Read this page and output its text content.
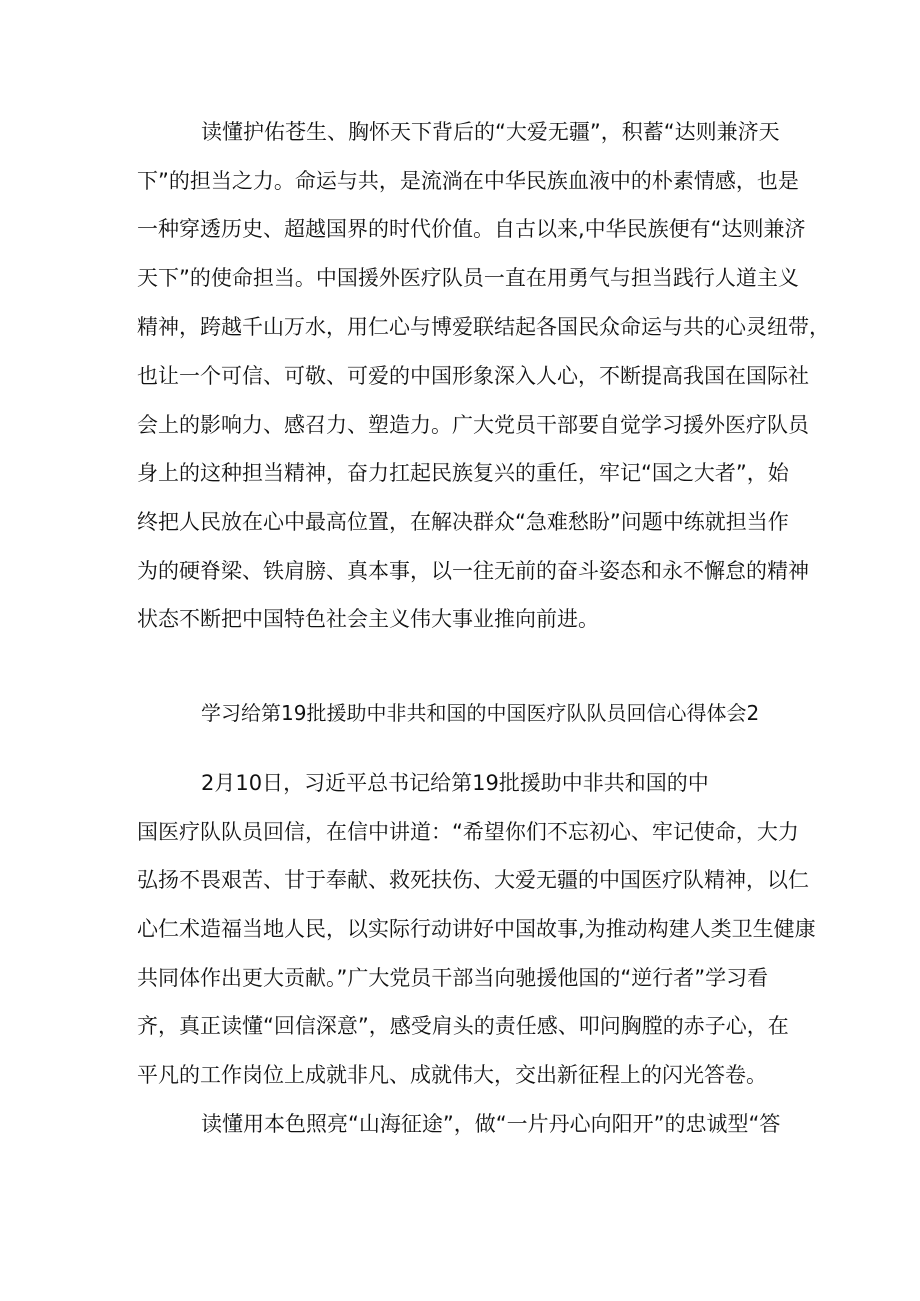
读懂护佑苍生、胸怀天下背后的“大爱无疆”，积蓄“达则兼济天
下”的担当之力。命运与共，是流淌在中华民族血液中的朴素情感，也是
一种穿透历史、超越国界的时代价值。自古以来,中华民族便有“达则兼济
天下”的使命担当。中国援外医疗队员一直在用勇气与担当践行人道主义
精神，跨越千山万水，用仁心与博爱联结起各国民众命运与共的心灵纽带，
也让一个可信、可敬、可爱的中国形象深入人心，不断提高我国在国际社
会上的影响力、感召力、塑造力。广大党员干部要自觉学习援外医疗队员
身上的这种担当精神，奋力扛起民族复兴的重任，牢记“国之大者”，始
终把人民放在心中最高位置，在解决群众“急难愁盼”问题中练就担当作
为的硬脊梁、铁肩膀、真本事，以一往无前的奋斗姿态和永不懈怠的精神
状态不断把中国特色社会主义伟大事业推向前进。
学习给第19批援助中非共和国的中国医疗队队员回信心得体会2
2月10日，习近平总书记给第19批援助中非共和国的中
国医疗队队员回信，在信中讲道：“希望你们不忘初心、牢记使命，大力
弘扬不畏艰苦、甘于奉献、救死扶伤、大爱无疆的中国医疗队精神，以仁
心仁术造福当地人民，以实际行动讲好中国故事,为推动构建人类卫生健康
共同体作出更大贡献。”广大党员干部当向驰援他国的“逆行者”学习看
齐，真正读懂“回信深意”，感受肩头的责任感、叩问胸膛的赤子心，在
平凡的工作岗位上成就非凡、成就伟大，交出新征程上的闪光答卷。
读懂用本色照亮“山海征途”，做“一片丹心向阳开”的忠诚型“答
